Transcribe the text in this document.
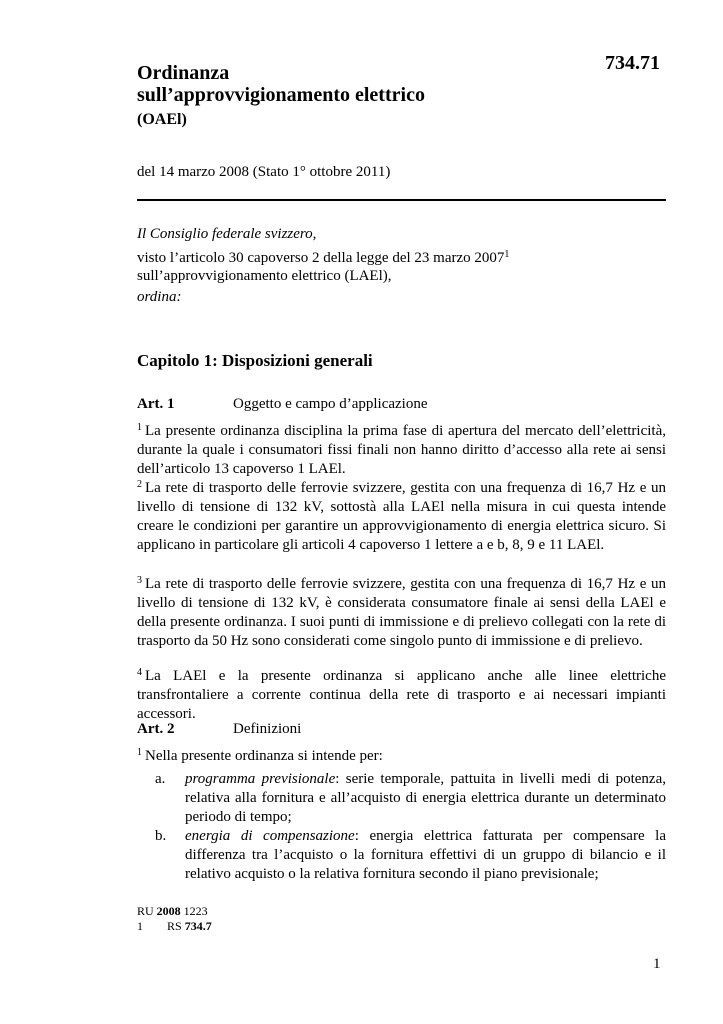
734.71
Ordinanza
sull’approvvigionamento elettrico
(OAEl)
del 14 marzo 2008 (Stato 1° ottobre 2011)
Il Consiglio federale svizzero,
visto l’articolo 30 capoverso 2 della legge del 23 marzo 2007$^1$
sull’approvvigionamento elettrico (LAEl),
ordina:
Capitolo 1: Disposizioni generali
Art. 1	Oggetto e campo d’applicazione
$^1$ La presente ordinanza disciplina la prima fase di apertura del mercato dell’elettricità, durante la quale i consumatori fissi finali non hanno diritto d’accesso alla rete ai sensi dell’articolo 13 capoverso 1 LAEl.
$^2$ La rete di trasporto delle ferrovie svizzere, gestita con una frequenza di 16,7 Hz e un livello di tensione di 132 kV, sottostà alla LAEl nella misura in cui questa intende creare le condizioni per garantire un approvvigionamento di energia elettrica sicuro. Si applicano in particolare gli articoli 4 capoverso 1 lettere a e b, 8, 9 e 11 LAEl.
$^3$ La rete di trasporto delle ferrovie svizzere, gestita con una frequenza di 16,7 Hz e un livello di tensione di 132 kV, è considerata consumatore finale ai sensi della LAEl e della presente ordinanza. I suoi punti di immissione e di prelievo collegati con la rete di trasporto da 50 Hz sono considerati come singolo punto di immissione e di prelievo.
$^4$ La LAEl e la presente ordinanza si applicano anche alle linee elettriche transfrontaliere a corrente continua della rete di trasporto e ai necessari impianti accessori.
Art. 2	Definizioni
$^1$ Nella presente ordinanza si intende per:
a. programma previsionale: serie temporale, pattuita in livelli medi di potenza, relativa alla fornitura e all’acquisto di energia elettrica durante un determinato periodo di tempo;
b. energia di compensazione: energia elettrica fatturata per compensare la differenza tra l’acquisto o la fornitura effettivi di un gruppo di bilancio e il relativo acquisto o la relativa fornitura secondo il piano previsionale;
RU 2008 1223
1 RS 734.7
1
